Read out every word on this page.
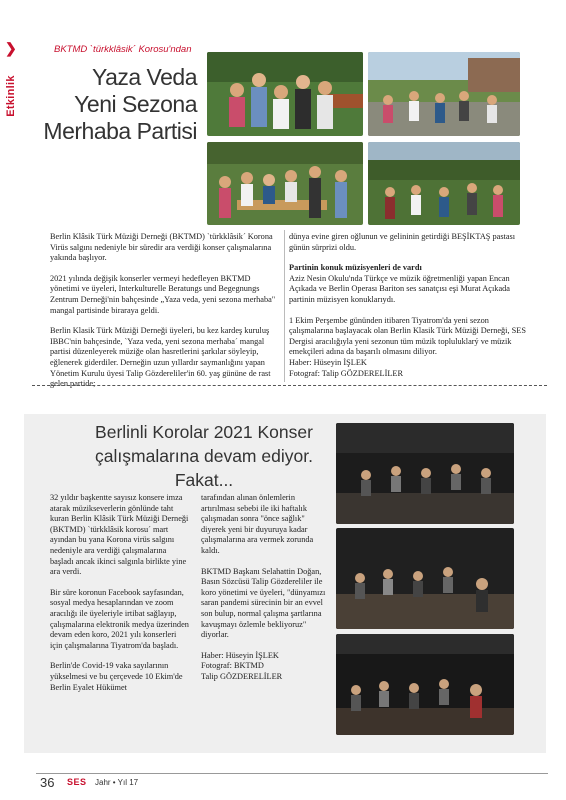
❯
Etkinlik
BKTMD `türkklâsik´ Korosu'ndan
Yaza Veda
Yeni Sezona
Merhaba Partisi

Berlin Klâsik Türk Müziği Derneği (BKTMD) `türkklâsik´ Korona Virüs salgını nedeniyle bir süredir ara verdiği konser çalışmalarına yakında başlıyor.

2021 yılında değişik konserler vermeyi hedefleyen BKTMD yönetimi ve üyeleri, Interkulturelle Beratungs und Begegnungs Zentrum Derneği'nin bahçesinde „Yaza veda, yeni sezona merhaba" mangal partisinde biraraya geldi.

Berlin Klasik Türk Müziği Derneği üyeleri, bu kez kardeş kuruluş IBBC'nin bahçesinde, `Yaza veda, yeni sezona merhaba´ mangal partisi düzenleyerek müziğe olan hasretlerini şarkılar söyleyip, eğlenerek giderdiler. Derneğin uzun yıllardır saymanlığını yapan Yönetim Kurulu üyesi Talip Gözdereliler'in 60. yaş gününe de rast gelen partide;

dünya evine giren oğlunun ve gelininin getirdiği BEŞİKTAŞ pastası günün sürprizi oldu.

Partinin konuk müzisyenleri de vardı

Aziz Nesin Okulu'nda Türkçe ve müzik öğretmenliği yapan Encan Açıkada ve Berlin Operası Bariton ses sanatçısı eşi Murat Açıkada partinin müzisyen konuklarıydı.

1 Ekim Perşembe gününden itibaren Tiyatrom'da yeni sezon çalışmalarına başlayacak olan Berlin Klasik Türk Müziği Derneği, SES Dergisi aracılığıyla yeni sezonun tüm müzik topluluklarý ve müzik emekçileri adına da başarılı olmasını diliyor.

Haber: Hüseyin İŞLEK
Fotograf: Talip GÖZDERELİLER
Berlinli Korolar 2021 Konser
çalışmalarına devam ediyor. Fakat...

32 yıldır başkentte sayısız konsere imza atarak müzikseverlerin gönlünde taht kuran Berlin Klâsik Türk Müziği Derneği (BKTMD) `türkklâsik korosu´ mart ayından bu yana Korona virüs salgını nedeniyle ara verdiği çalışmalarına başladı ancak ikinci salgınla birlikte yine ara verdi.

Bir süre koronun Facebook sayfasından, sosyal medya hesaplarından ve zoom aracılığı ile üyeleriyle irtibat sağlayıp, çalışmalarına elektronik medya üzerinden devam eden koro, 2021 yılı konserleri için çalışmalarına Tiyatrom'da başladı.

Berlin'de Covid-19 vaka sayılarının yükselmesi ve bu çerçevede 10 Ekim'de Berlin Eyalet Hükümet

tarafından alınan önlemlerin artırılması sebebi ile iki haftalık çalışmadan sonra "önce sağlık" diyerek yeni bir duyuruya kadar çalışmalarına ara vermek zorunda kaldı.

BKTMD Başkanı Selahattin Doğan, Basın Sözcüsü Talip Gözdereliler ile koro yönetimi ve üyeleri, "dünyamızı saran pandemi sürecinin bir an evvel son bulup, normal çalışma şartlarına kavuşmayı özlemle bekliyoruz" diyorlar.

Haber: Hüseyin İŞLEK
Fotograf: BKTMD
Talip GÖZDERELİLER
36 SES Jahr • Yıl 17
